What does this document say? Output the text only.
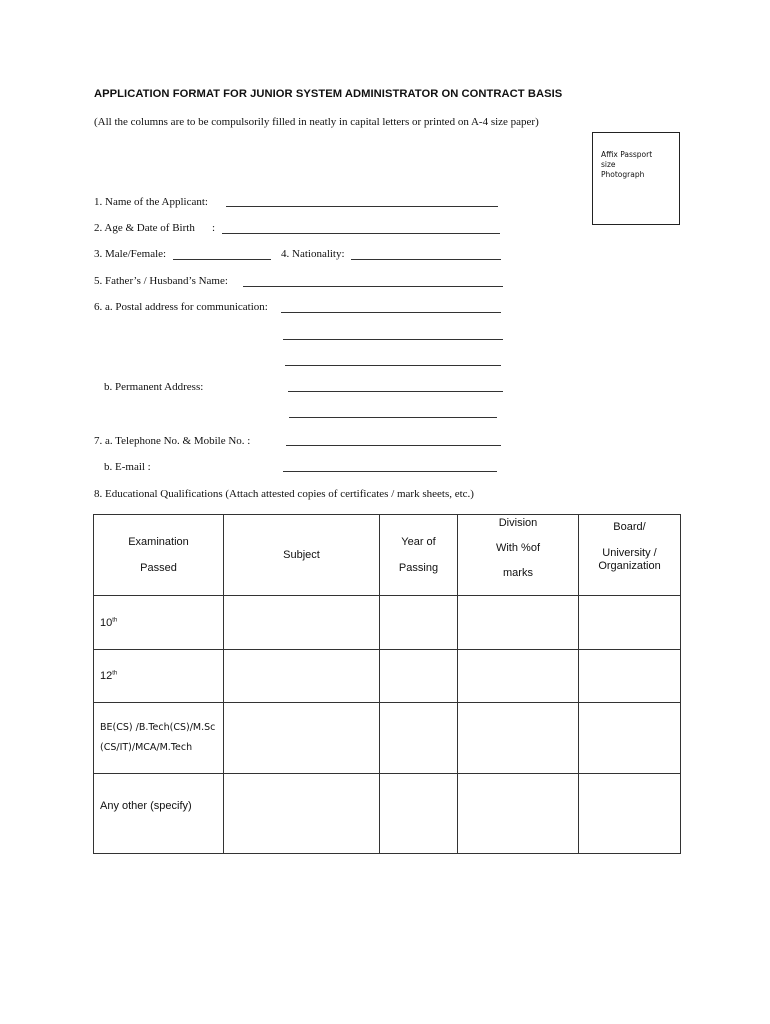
APPLICATION FORMAT FOR JUNIOR SYSTEM ADMINISTRATOR ON CONTRACT BASIS
(All the columns are to be compulsorily filled in neatly in capital letters or printed on A-4 size paper)
Affix Passport
size
Photograph
1. Name of the Applicant:
2. Age & Date of Birth :
3. Male/Female:	4. Nationality:
5. Father’s / Husband’s Name:
6. a. Postal address for communication:
b. Permanent Address:
7. a. Telephone No. & Mobile No. :
b. E-mail :
8. Educational Qualifications (Attach attested copies of certificates / mark sheets, etc.)
Examination
Passed	Subject	Year of
Passing	Division
With %of
marks	Board/
University /
Organization

10th				
12th				

BE(CS) /B.Tech(CS)/M.Sc
(CS/IT)/MCA/M.Tech				

Any other (specify)				
